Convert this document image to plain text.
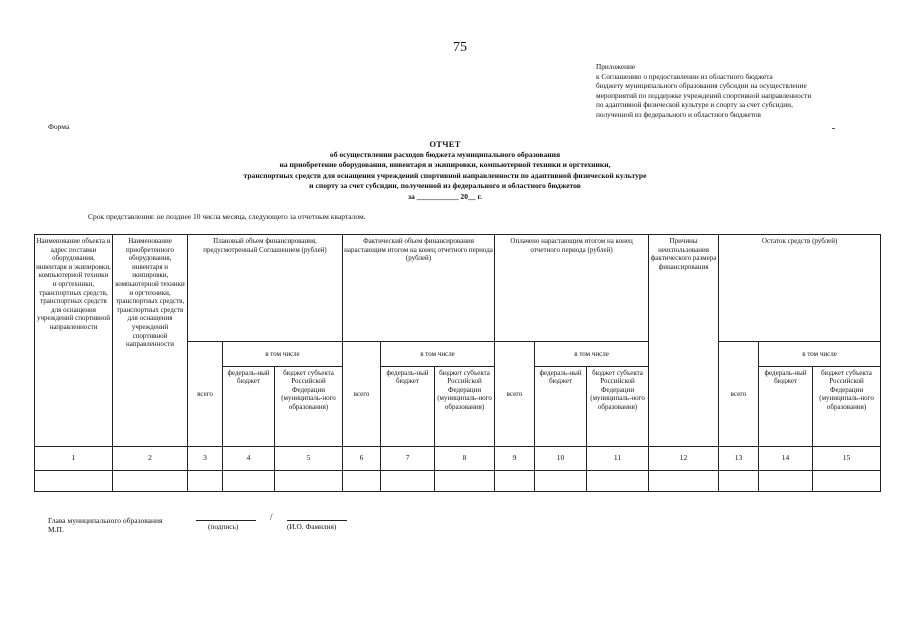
75
Приложение
к Соглашению о предоставлении из областного бюджета
бюджету муниципального образования субсидии на осуществление
мероприятий по поддержке учреждений спортивной направленности
по адаптивной физической культуре и спорту за счет субсидии,
полученной из федерального и областного бюджетов
Форма
ОТЧЕТ
об осуществлении расходов бюджета муниципального образования
на приобретение оборудования, инвентаря и экипировки, компьютерной техники и оргтехники,
транспортных средств для оснащения учреждений спортивной направленности по адаптивной физической культуре
и спорту за счет субсидии, полученной из федерального и областного бюджетов
за ___________ 20__ г.
Срок представления: не позднее 10 числа месяца, следующего за отчетным кварталом.
Наименование объекта и адрес поставки оборудования, инвентаря и экипировки, компьютерной техники и оргтехники, транспортных средств, транспортных средств для оснащения учреждений спортивной направленности	Наименование приобретенного оборудования, инвентаря и экипировки, компьютерной техники и оргтехники, транспортных средств, транспортных средств для оснащения учреждений спортивной направленности	Плановый объем финансирования, предусмотренный Соглашением (рублей)			Фактический объем финансирования нарастающим итогом на конец отчетного периода (рублей)			Оплачено нарастающим итогом на конец отчетного периода (рублей)			Причины неиспользования фактического размера финансирования	Остаток средств (рублей)		
		всего	в том числе		всего	в том числе		всего	в том числе			всего	в том числе	
			федераль-ный бюджет	бюджет субъекта Российской Федерации (муниципаль-ного образования)		федераль-ный бюджет	бюджет субъекта Российской Федерации (муниципаль-ного образования)		федераль-ный бюджет	бюджет субъекта Российской Федерации (муниципаль-ного образования)			федераль-ный бюджет	бюджет субъекта Российской Федерации (муниципаль-ного образования)
1	2	3	4	5	6	7	8	9	10	11	12	13	14	15

Глава муниципального образования
М.П.
/
(подпись)	(И.О. Фамилия)
